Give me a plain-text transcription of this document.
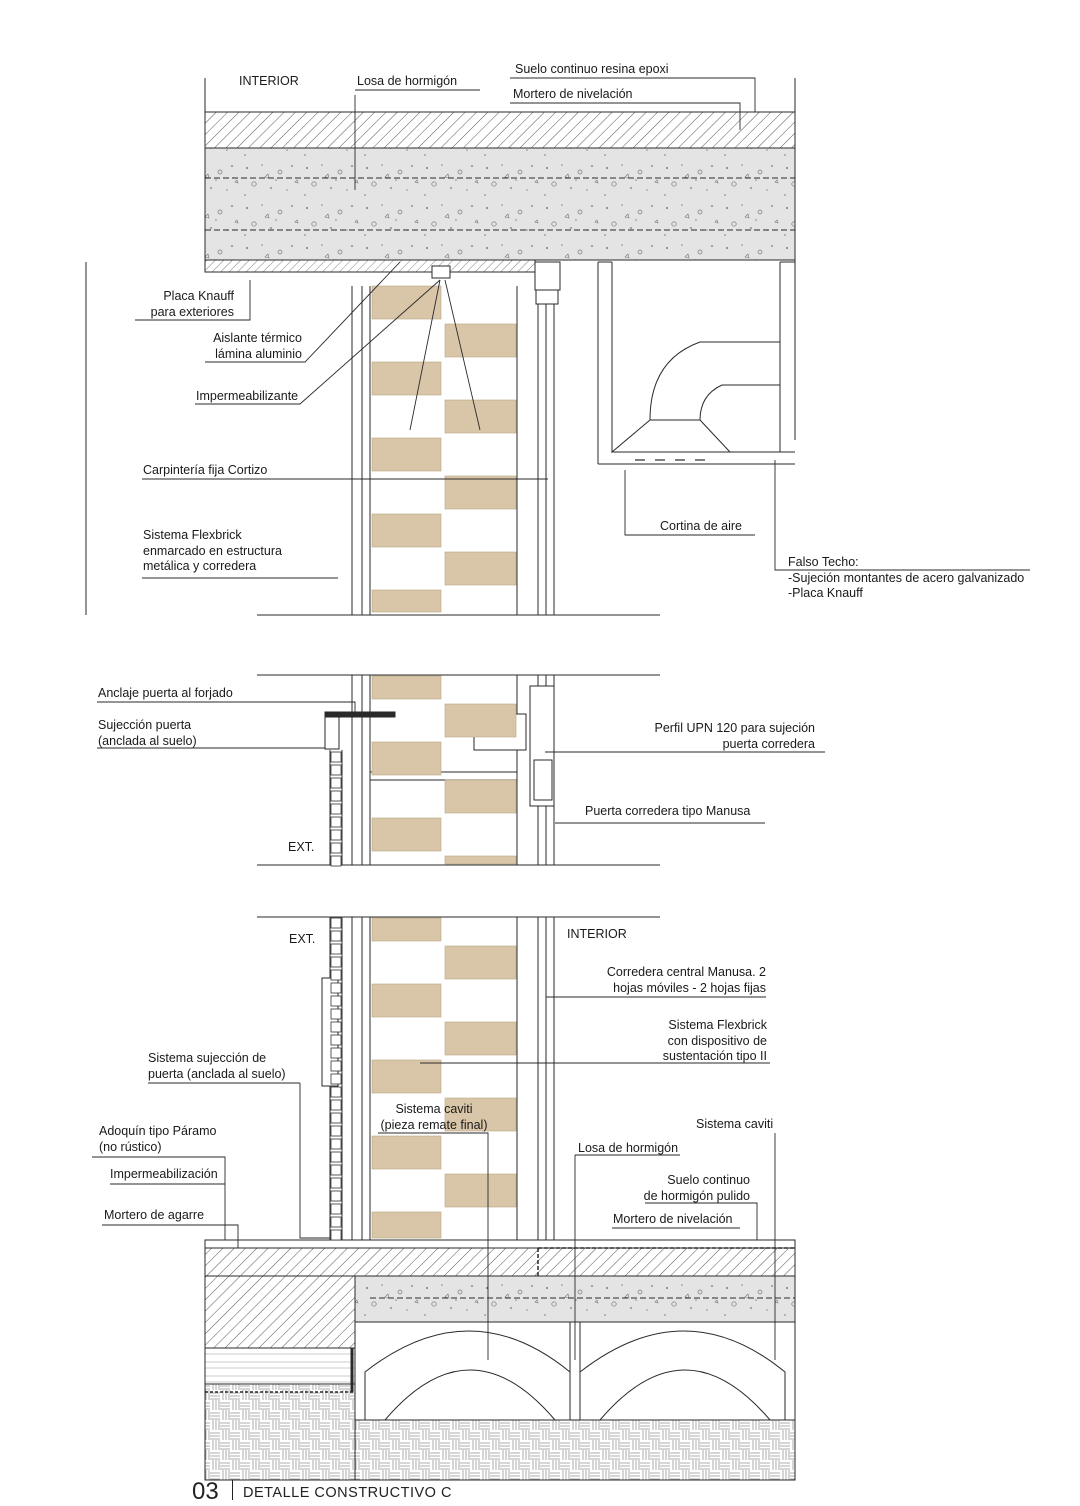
INTERIOR	Losa de hormigón
Suelo continuo resina epoxi
Mortero de nivelación
Placa Knauff
para exteriores
Aislante térmico
lámina aluminio
Impermeabilizante
Carpintería fija Cortizo
Sistema Flexbrick
enmarcado en estructura
metálica y corredera
Cortina de aire
Falso Techo:
-Sujeción montantes de acero galvanizado
-Placa Knauff
Anclaje puerta al forjado
Sujección puerta
(anclada al suelo)
Perfil UPN 120 para sujeción
puerta corredera
Puerta corredera tipo Manusa
EXT.
EXT.	INTERIOR
Corredera central Manusa. 2
hojas móviles - 2 hojas fijas
Sistema Flexbrick
con dispositivo de
sustentación tipo II
Sistema sujección de
puerta (anclada al suelo)
Sistema caviti
(pieza remate final)	Sistema caviti
Adoquín tipo Páramo
(no rústico)	Losa de hormigón
Impermeabilización	Suelo continuo
de hormigón pulido
Mortero de agarre	Mortero de nivelación
03 DETALLE CONSTRUCTIVO C
